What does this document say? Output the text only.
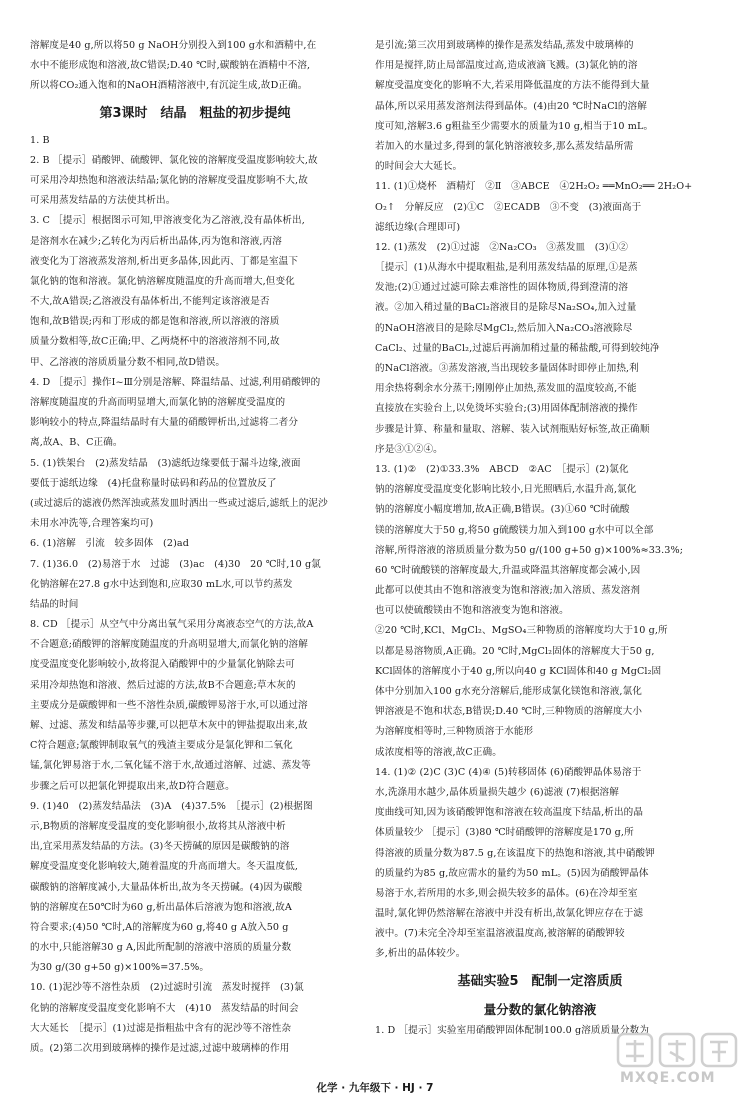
溶解度是40 g,所以将50 g NaOH分别投入到100 g水和酒精中,在
水中不能形成饱和溶液,故C错误;D.40 ℃时,碳酸钠在酒精中不溶,
所以将CO₂通入饱和的NaOH酒精溶液中,有沉淀生成,故D正确。
第3课时　结晶　粗盐的初步提纯
1. B
2. B ［提示］硝酸钾、硫酸钾、氯化铵的溶解度受温度影响较大,故
可采用冷却热饱和溶液法结晶;氯化钠的溶解度受温度影响不大,故
可采用蒸发结晶的方法使其析出。
3. C ［提示］根据图示可知,甲溶液变化为乙溶液,没有晶体析出,
是溶剂水在减少;乙转化为丙后析出晶体,丙为饱和溶液,丙溶
液变化为丁溶液蒸发溶剂,析出更多晶体,因此丙、丁都是室温下
氯化钠的饱和溶液。氯化钠溶解度随温度的升高而增大,但变化
不大,故A错误;乙溶液没有晶体析出,不能判定该溶液是否
饱和,故B错误;丙和丁形成的都是饱和溶液,所以溶液的溶质
质量分数相等,故C正确;甲、乙两烧杯中的溶液溶剂不同,故
甲、乙溶液的溶质质量分数不相同,故D错误。
4. D ［提示］操作Ⅰ~Ⅲ分别是溶解、降温结晶、过滤,利用硝酸钾的
溶解度随温度的升高而明显增大,而氯化钠的溶解度受温度的
影响较小的特点,降温结晶时有大量的硝酸钾析出,过滤将二者分
离,故A、B、C正确。
5. (1)铁架台　(2)蒸发结晶　(3)滤纸边缘要低于漏斗边缘,液面
要低于滤纸边缘　(4)托盘称量时砝码和药品的位置放反了
(或过滤后的滤液仍然浑浊或蒸发皿时洒出一些或过滤后,滤纸上的泥沙
未用水冲洗等,合理答案均可)
6. (1)溶解　引流　较多固体　(2)ad
7. (1)36.0　(2)易溶于水　过滤　(3)ac　(4)30　20 ℃时,10 g氯
化钠溶解在27.8 g水中达到饱和,应取30 mL水,可以节约蒸发
结晶的时间
8. CD ［提示］从空气中分离出氧气采用分离液态空气的方法,故A
不合题意;硝酸钾的溶解度随温度的升高明显增大,而氯化钠的溶解
度受温度变化影响较小,故将混入硝酸钾中的少量氯化钠除去可
采用冷却热饱和溶液、然后过滤的方法,故B不合题意;草木灰的
主要成分是碳酸钾和一些不溶性杂质,碳酸钾易溶于水,可以通过溶
解、过滤、蒸发和结晶等步骤,可以把草木灰中的钾盐提取出来,故
C符合题意;氯酸钾制取氧气的残渣主要成分是氯化钾和二氧化
锰,氯化钾易溶于水,二氧化锰不溶于水,故通过溶解、过滤、蒸发等
步骤之后可以把氯化钾提取出来,故D符合题意。
9. (1)40　(2)蒸发结晶法　(3)A　(4)37.5%　［提示］(2)根据图
示,B物质的溶解度受温度的变化影响很小,故将其从溶液中析
出,宜采用蒸发结晶的方法。(3)冬天捞碱的原因是碳酸钠的溶
解度受温度变化影响较大,随着温度的升高而增大。冬天温度低,
碳酸钠的溶解度减小,大量晶体析出,故为冬天捞碱。(4)因为碳酸
钠的溶解度在50℃时为60 g,析出晶体后溶液为饱和溶液,故A
符合要求;(4)50 ℃时,A的溶解度为60 g,将40 g A放入50 g
的水中,只能溶解30 g A,因此所配制的溶液中溶质的质量分数
为30 g/(30 g+50 g)×100%=37.5%。
10. (1)泥沙等不溶性杂质　(2)过滤时引流　蒸发时搅拌　(3)氯
化钠的溶解度受温度变化影响不大　(4)10　蒸发结晶的时间会
大大延长　［提示］(1)过滤是指粗盐中含有的泥沙等不溶性杂
质。(2)第二次用到玻璃棒的操作是过滤,过滤中玻璃棒的作用
是引流;第三次用到玻璃棒的操作是蒸发结晶,蒸发中玻璃棒的
作用是搅拌,防止局部温度过高,造成液滴飞溅。(3)氯化钠的溶
解度受温度变化的影响不大,若采用降低温度的方法不能得到大量
晶体,所以采用蒸发溶剂法得到晶体。(4)由20 ℃时NaCl的溶解
度可知,溶解3.6 g粗盐至少需要水的质量为10 g,相当于10 mL。
若加入的水量过多,得到的氯化钠溶液较多,那么蒸发结晶所需
的时间会大大延长。
11. (1)①烧杯　酒精灯　②Ⅱ　③ABCE　④2H₂O₂ ══MnO₂══ 2H₂O+
O₂↑　分解反应　(2)①C　②ECADB　③不变　(3)液面高于
滤纸边缘(合理即可)
12. (1)蒸发　(2)①过滤　②Na₂CO₃　③蒸发皿　(3)①②
［提示］(1)从海水中提取粗盐,是利用蒸发结晶的原理,①是蒸
发池;(2)①通过过滤可除去难溶性的固体物质,得到澄清的溶
液。②加入稍过量的BaCl₂溶液目的是除尽Na₂SO₄,加入过量
的NaOH溶液目的是除尽MgCl₂,然后加入Na₂CO₃溶液除尽
CaCl₂、过量的BaCl₂,过滤后再滴加稍过量的稀盐酸,可得到较纯净
的NaCl溶液。③蒸发溶液,当出现较多量固体时即停止加热,利
用余热将剩余水分蒸干;刚刚停止加热,蒸发皿的温度较高,不能
直接放在实验台上,以免烫坏实验台;(3)用固体配制溶液的操作
步骤是计算、称量和量取、溶解、装入试剂瓶贴好标签,故正确顺
序是③①②④。
13. (1)②　(2)①33.3%　ABCD　②AC　［提示］(2)氯化
钠的溶解度受温度变化影响比较小,日光照晒后,水温升高,氯化
钠的溶解度小幅度增加,故A正确,B错误。(3)①60 ℃时硫酸
镁的溶解度大于50 g,将50 g硫酸镁力加入到100 g水中可以全部
溶解,所得溶液的溶质质量分数为50 g/(100 g+50 g)×100%≈33.3%;
60 ℃时硫酸镁的溶解度最大,升温或降温其溶解度都会减小,因
此都可以使其由不饱和溶液变为饱和溶液;加入溶质、蒸发溶剂
也可以使硫酸镁由不饱和溶液变为饱和溶液。
②20 ℃时,KCl、MgCl₂、MgSO₄三种物质的溶解度均大于10 g,所
以都是易溶物质,A正确。20 ℃时,MgCl₂固体的溶解度大于50 g,
KCl固体的溶解度小于40 g,所以向40 g KCl固体和40 g MgCl₂固
体中分别加入100 g水充分溶解后,能形成氯化镁饱和溶液,氯化
钾溶液是不饱和状态,B错误;D.40 ℃时,三种物质的溶解度大小
为溶解度相等时,三种物质溶于水能形
成浓度相等的溶液,故C正确。
14. (1)② (2)C (3)C (4)④ (5)转移固体 (6)硝酸钾晶体易溶于
水,洗涤用水越少,晶体质量损失越少 (6)滤液 (7)根据溶解
度曲线可知,因为该硝酸钾饱和溶液在较高温度下结晶,析出的晶
体质量较少 ［提示］(3)80 ℃时硝酸钾的溶解度是170 g,所
得溶液的质量分数为87.5 g,在该温度下的热饱和溶液,其中硝酸钾
的质量约为85 g,故应需水的量约为50 mL。(5)因为硝酸钾晶体
易溶于水,若所用的水多,则会损失较多的晶体。(6)在冷却至室
温时,氯化钾仍然溶解在溶液中并没有析出,故氯化钾应存在于滤
液中。(7)未完全冷却至室温溶液温度高,被溶解的硝酸钾较
多,析出的晶体较少。
基础实验5　配制一定溶质质
量分数的氯化钠溶液
1. D ［提示］实验室用硝酸钾固体配制100.0 g溶质质量分数为
化学 · 九年级下 · HJ · 7
MXQE.COM
